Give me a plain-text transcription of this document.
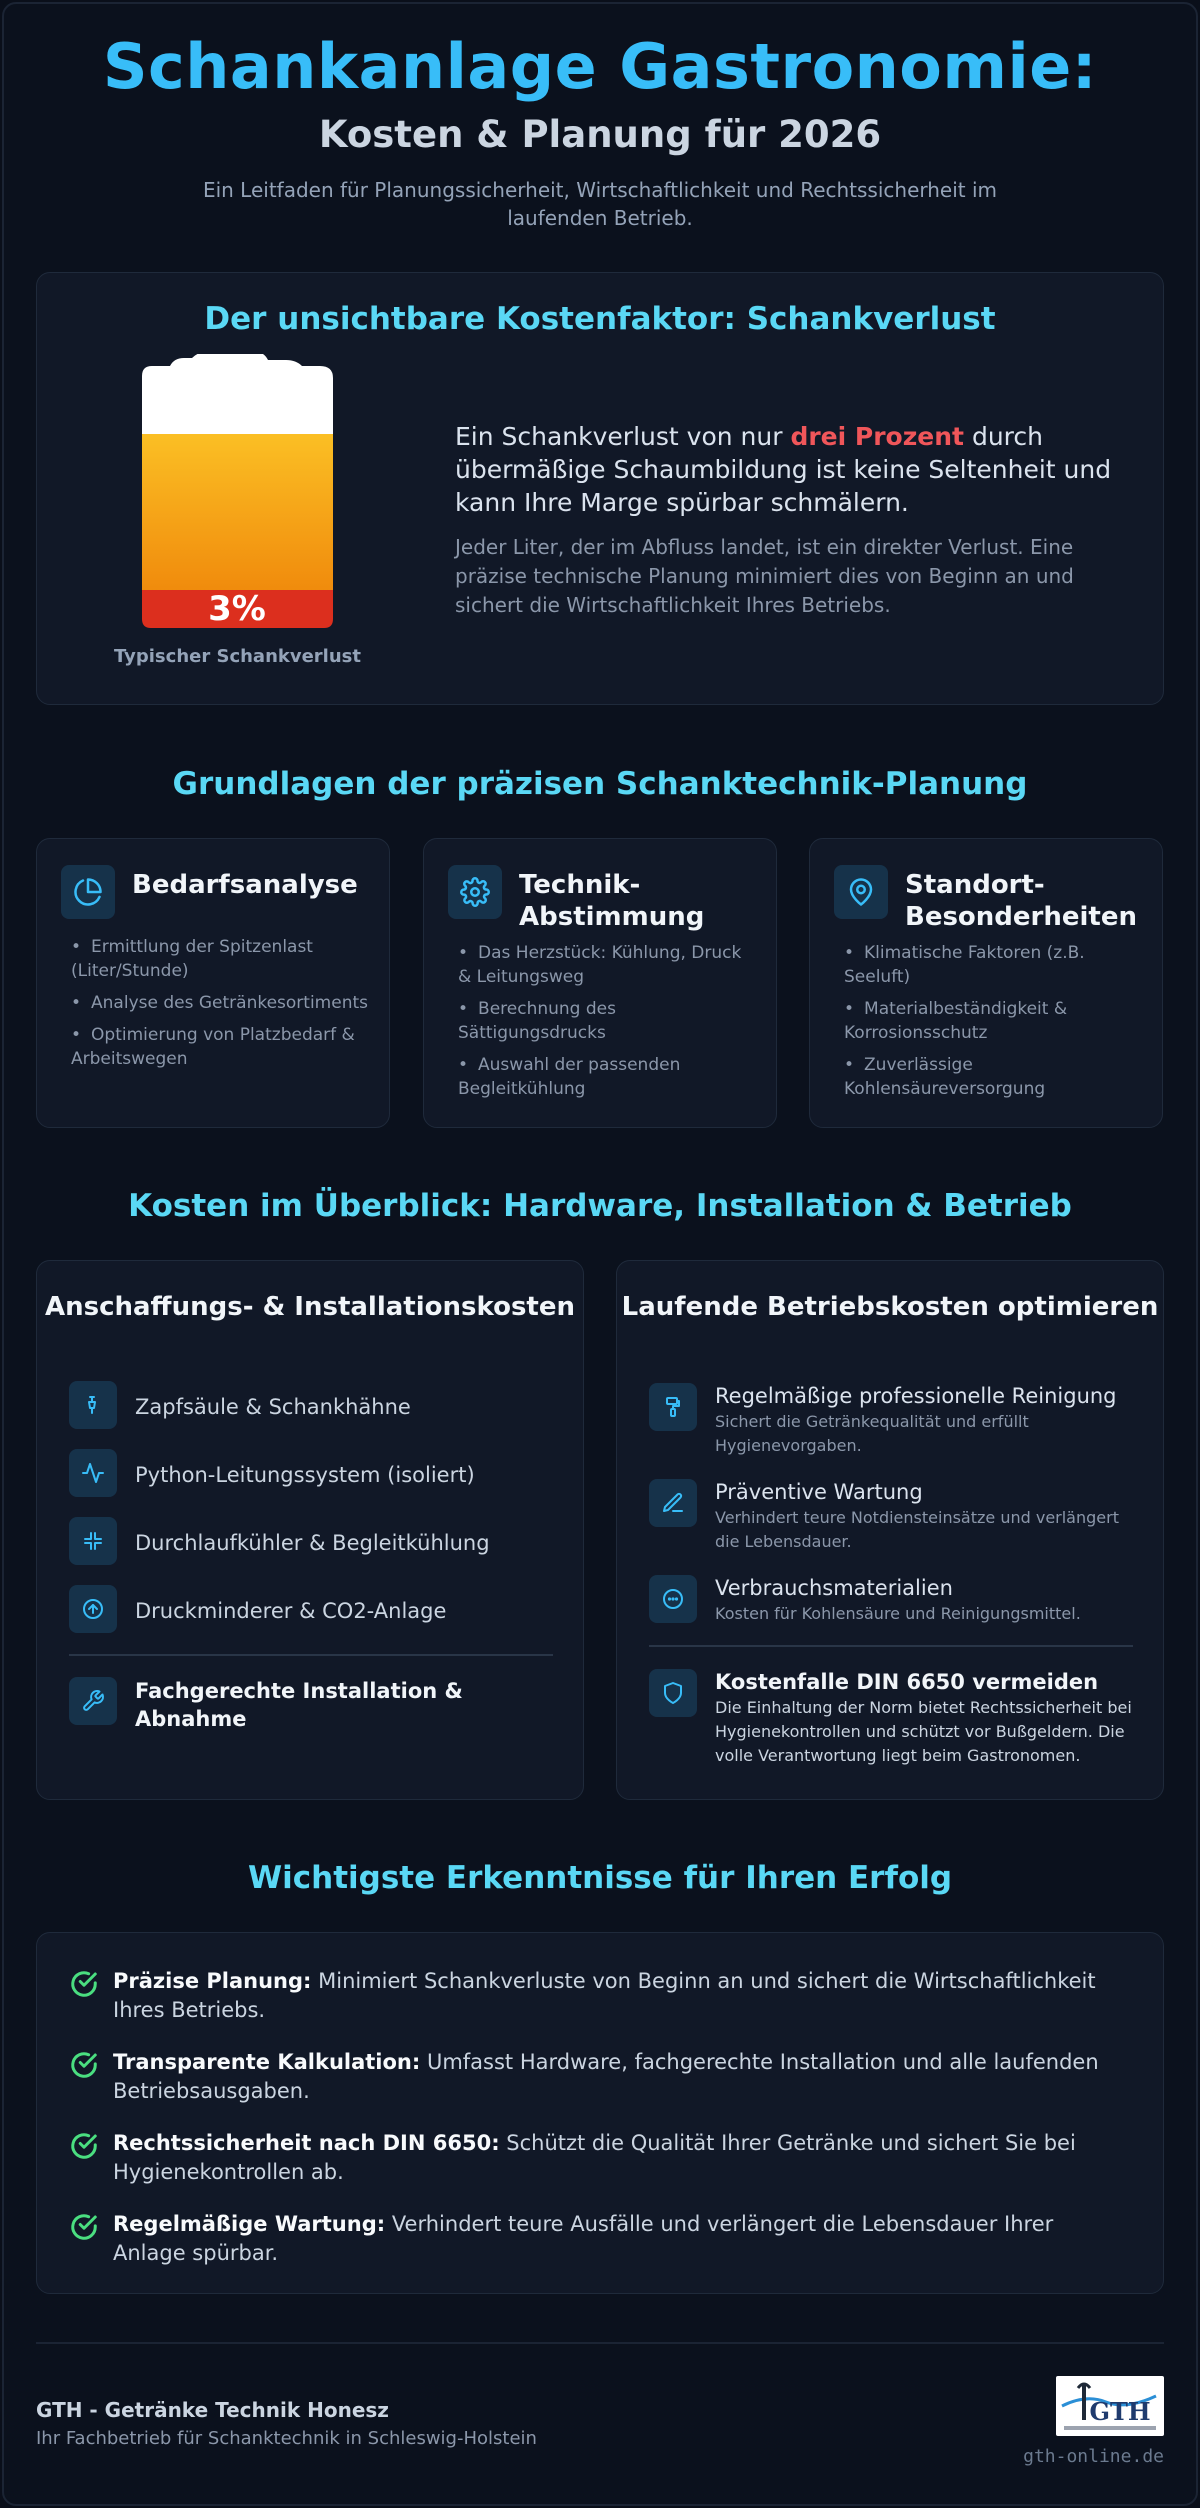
Schankanlage Gastronomie:
Kosten & Planung für 2026
Ein Leitfaden für Planungssicherheit, Wirtschaftlichkeit und Rechtssicherheit im laufenden Betrieb.
Der unsichtbare Kostenfaktor: Schankverlust
3%
Typischer Schankverlust
Ein Schankverlust von nur drei Prozent durch übermäßige Schaumbildung ist keine Seltenheit und kann Ihre Marge spürbar schmälern.
Jeder Liter, der im Abfluss landet, ist ein direkter Verlust. Eine präzise technische Planung minimiert dies von Beginn an und sichert die Wirtschaftlichkeit Ihres Betriebs.
Grundlagen der präzisen Schanktechnik-Planung
Bedarfsanalyse
• Ermittlung der Spitzenlast (Liter/Stunde)
• Analyse des Getränkesortiments
• Optimierung von Platzbedarf & Arbeitswegen
Technik-Abstimmung
• Das Herzstück: Kühlung, Druck & Leitungsweg
• Berechnung des Sättigungsdrucks
• Auswahl der passenden Begleitkühlung
Standort-Besonderheiten
• Klimatische Faktoren (z.B. Seeluft)
• Materialbeständigkeit & Korrosionsschutz
• Zuverlässige Kohlensäureversorgung
Kosten im Überblick: Hardware, Installation & Betrieb
Anschaffungs- & Installationskosten
Zapfsäule & Schankhähne
Python-Leitungssystem (isoliert)
Durchlaufkühler & Begleitkühlung
Druckminderer & CO2-Anlage
Fachgerechte Installation & Abnahme
Laufende Betriebskosten optimieren
Regelmäßige professionelle Reinigung
Sichert die Getränkequalität und erfüllt Hygienevorgaben.
Präventive Wartung
Verhindert teure Notdiensteinsätze und verlängert die Lebensdauer.
Verbrauchsmaterialien
Kosten für Kohlensäure und Reinigungsmittel.
Kostenfalle DIN 6650 vermeiden
Die Einhaltung der Norm bietet Rechtssicherheit bei Hygienekontrollen und schützt vor Bußgeldern. Die volle Verantwortung liegt beim Gastronomen.
Wichtigste Erkenntnisse für Ihren Erfolg
Präzise Planung: Minimiert Schankverluste von Beginn an und sichert die Wirtschaftlichkeit Ihres Betriebs.
Transparente Kalkulation: Umfasst Hardware, fachgerechte Installation und alle laufenden Betriebsausgaben.
Rechtssicherheit nach DIN 6650: Schützt die Qualität Ihrer Getränke und sichert Sie bei Hygienekontrollen ab.
Regelmäßige Wartung: Verhindert teure Ausfälle und verlängert die Lebensdauer Ihrer Anlage spürbar.
GTH - Getränke Technik Honesz
Ihr Fachbetrieb für Schanktechnik in Schleswig-Holstein
GTH
gth-online.de
